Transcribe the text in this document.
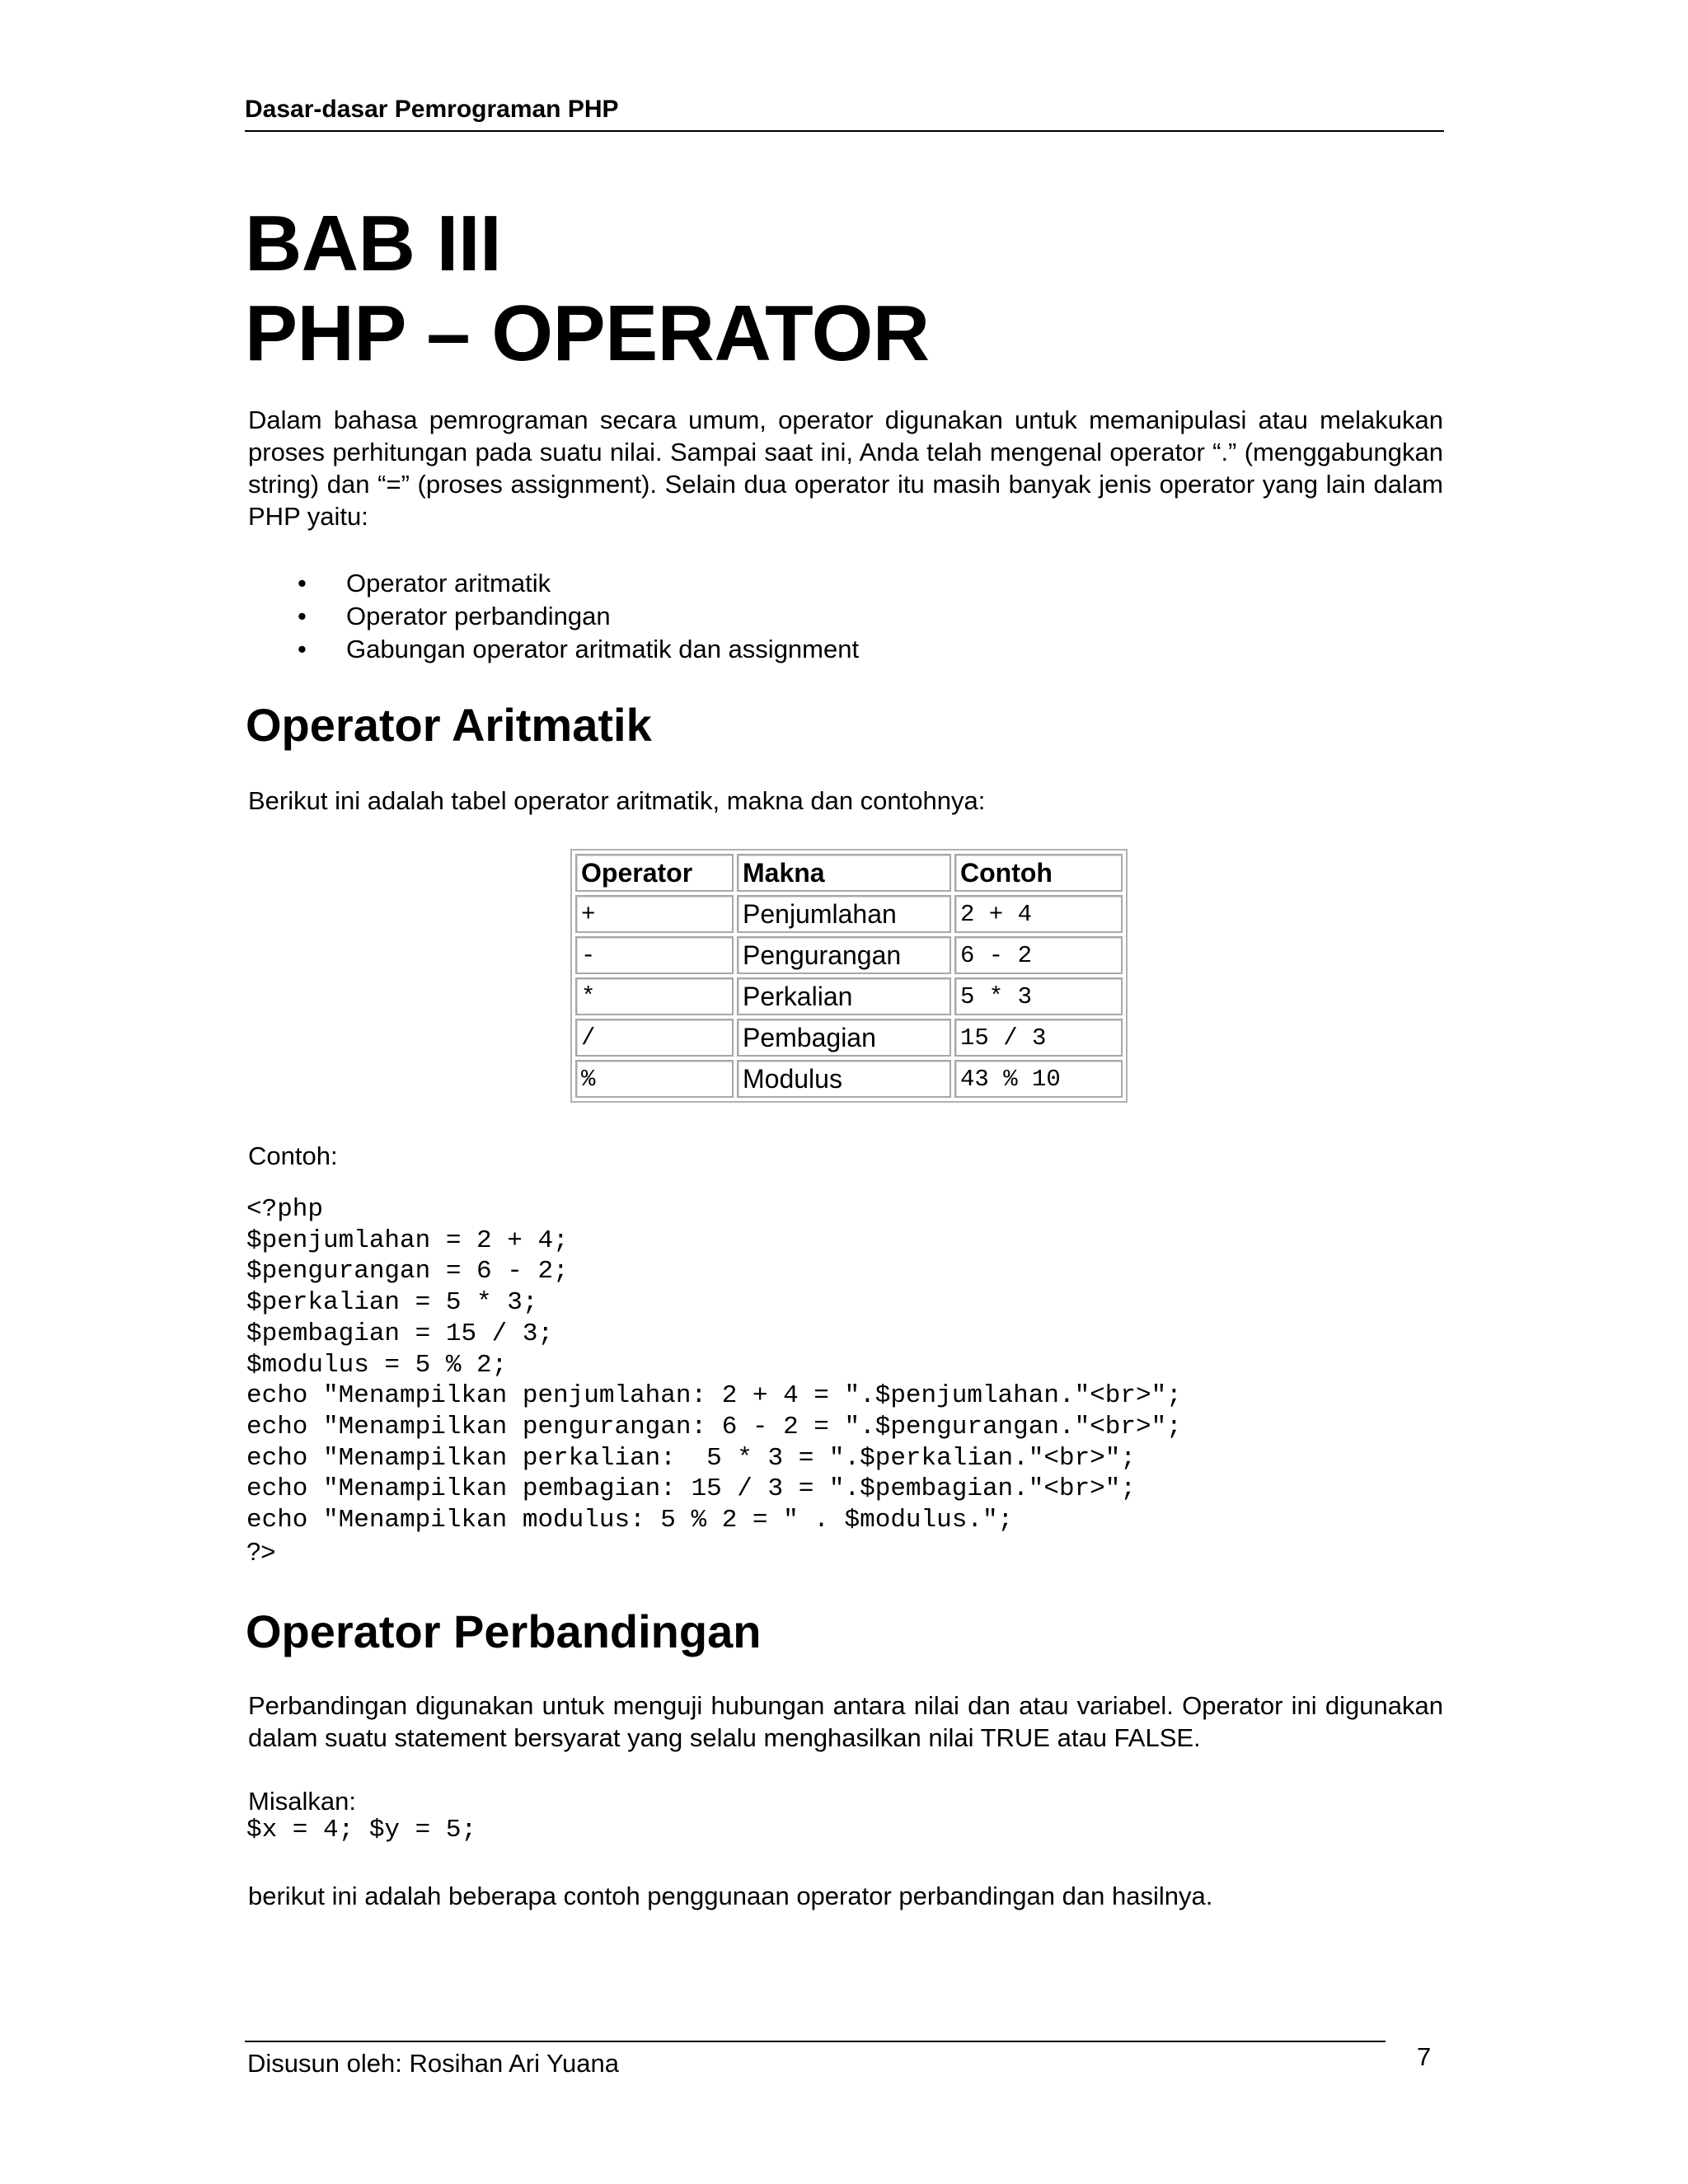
Dasar-dasar Pemrograman PHP
BAB III
PHP – OPERATOR

Dalam bahasa pemrograman secara umum, operator digunakan untuk memanipulasi atau melakukan proses perhitungan pada suatu nilai. Sampai saat ini, Anda telah mengenal operator “.” (menggabungkan string) dan “=” (proses assignment). Selain dua operator itu masih banyak jenis operator yang lain dalam PHP yaitu:

• Operator aritmatik
• Operator perbandingan
• Gabungan operator aritmatik dan assignment
Operator Aritmatik

Berikut ini adalah tabel operator aritmatik, makna dan contohnya:

Operator	Makna	Contoh
+	Penjumlahan	2 + 4
-	Pengurangan	6 - 2
*	Perkalian	5 * 3
/	Pembagian	15 / 3
%	Modulus	43 % 10
Contoh:
<?php
$penjumlahan = 2 + 4;
$pengurangan = 6 - 2;
$perkalian = 5 * 3;
$pembagian = 15 / 3;
$modulus = 5 % 2;
echo "Menampilkan penjumlahan: 2 + 4 = ".$penjumlahan."<br>";
echo "Menampilkan pengurangan: 6 - 2 = ".$pengurangan."<br>";
echo "Menampilkan perkalian:  5 * 3 = ".$perkalian."<br>";
echo "Menampilkan pembagian: 15 / 3 = ".$pembagian."<br>";
echo "Menampilkan modulus: 5 % 2 = " . $modulus.";
?>
Operator Perbandingan

Perbandingan digunakan untuk menguji hubungan antara nilai dan atau variabel. Operator ini digunakan dalam suatu statement bersyarat yang selalu menghasilkan nilai TRUE atau FALSE.

Misalkan:
$x = 4; $y = 5;

berikut ini adalah beberapa contoh penggunaan operator perbandingan dan hasilnya.

Disusun oleh: Rosihan Ari Yuana	7
